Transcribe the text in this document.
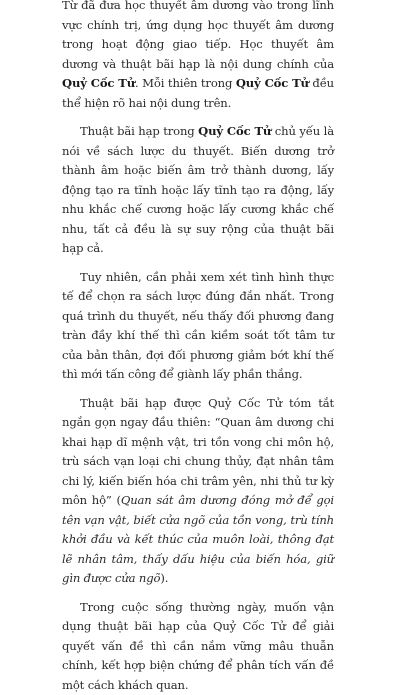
Từ đã đưa học thuyết âm dương vào trong lĩnh vực chính trị, ứng dụng học thuyết âm dương trong hoạt động giao tiếp. Học thuyết âm dương và thuật bãi hạp là nội dung chính của Quỷ Cốc Tử. Mỗi thiên trong Quỷ Cốc Tử đều thể hiện rõ hai nội dung trên.

Thuật bãi hạp trong Quỷ Cốc Tử chủ yếu là nói về sách lược du thuyết. Biến dương trở thành âm hoặc biến âm trở thành dương, lấy động tạo ra tĩnh hoặc lấy tĩnh tạo ra động, lấy nhu khắc chế cương hoặc lấy cương khắc chế nhu, tất cả đều là sự suy rộng của thuật bãi hạp cả.

Tuy nhiên, cần phải xem xét tình hình thực tế để chọn ra sách lược đúng đắn nhất. Trong quá trình du thuyết, nếu thấy đối phương đang tràn đầy khí thế thì cần kiềm soát tốt tâm tư của bản thân, đợi đối phương giảm bớt khí thế thì mới tấn công để giành lấy phần thắng.

Thuật bãi hạp được Quỷ Cốc Tử tóm tắt ngắn gọn ngay đầu thiên: “Quan âm dương chi khai hạp dĩ mệnh vật, tri tồn vong chi môn hộ, trù sách vạn loại chi chung thủy, đạt nhân tâm chi lý, kiến biến hóa chi trâm yên, nhi thủ tư kỳ môn hộ” (Quan sát âm dương đóng mở để gọi tên vạn vật, biết cửa ngõ của tồn vong, trù tính khởi đầu và kết thúc của muôn loài, thông đạt lẽ nhân tâm, thấy dấu hiệu của biến hóa, giữ gìn được cửa ngõ).

Trong cuộc sống thường ngày, muốn vận dụng thuật bãi hạp của Quỷ Cốc Tử để giải quyết vấn đề thì cần nắm vững mâu thuẫn chính, kết hợp biện chứng để phân tích vấn đề một cách khách quan.
